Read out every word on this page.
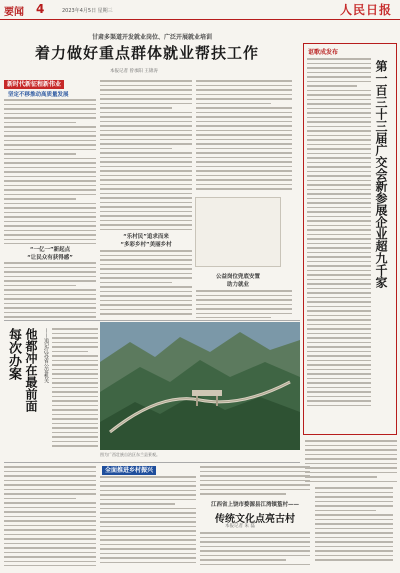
要闻 4	2023年4月5日 星期三	人民日报
甘肃多渠道开发就业岗位、广泛开展就业培训
着力做好重点群体就业帮扶工作
本报记者 曾承阳 王锦涛
新时代新征程新伟业
坚定不移推动高质量发展
“一亿一”新起点
“让民众有获得感”
“乐村民”追求而来
“多彩乡村”美丽乡村
公益岗位兜底安置
助力就业
每次办案 他都冲在最前面 ——追记江苏省公安机关
图为广西壮族自治区东兰县景观。
讴歌成发布
第一百三十三届广交会新参展企业超九千家
全面推进乡村振兴
江西省上饶市婺源县江湾镇篁村——
传统文化点亮古村
本报记者 朱 磊
